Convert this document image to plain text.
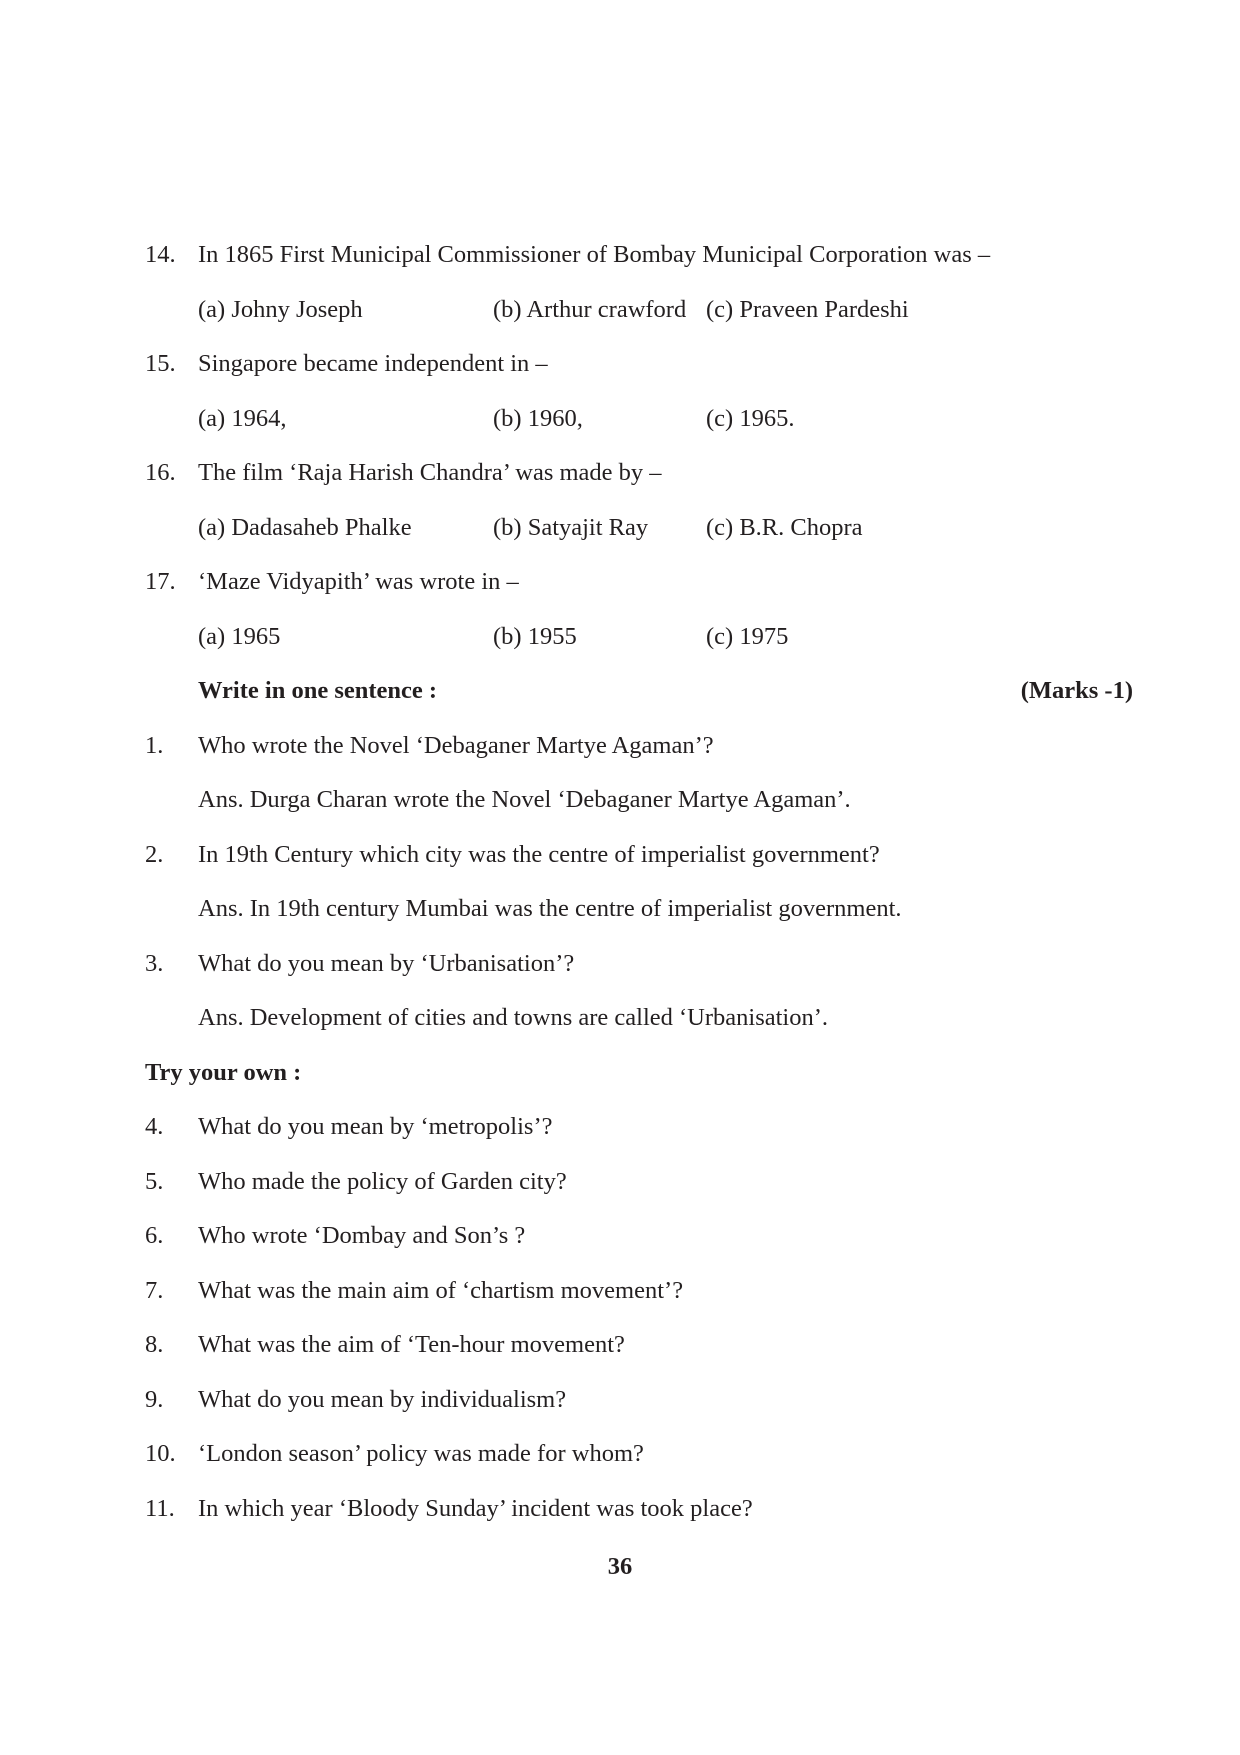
14. In 1865 First Municipal Commissioner of Bombay Municipal Corporation was –
(a) Johny Joseph	(b) Arthur crawford (c) Praveen Pardeshi
15. Singapore became independent in –
(a) 1964,	(b) 1960,	(c) 1965.
16. The film ‘Raja Harish Chandra’ was made by –
(a) Dadasaheb Phalke	(b) Satyajit Ray (c) B.R. Chopra
17. ‘Maze Vidyapith’ was wrote in –
(a) 1965	(b) 1955	(c) 1975
Write in one sentence :	(Marks -1)
1. Who wrote the Novel ‘Debaganer Martye Agaman’?
Ans. Durga Charan wrote the Novel ‘Debaganer Martye Agaman’.
2. In 19th Century which city was the centre of imperialist government?
Ans. In 19th century Mumbai was the centre of imperialist government.
3. What do you mean by ‘Urbanisation’?
Ans. Development of cities and towns are called ‘Urbanisation’.
Try your own :
4. What do you mean by ‘metropolis’?
5. Who made the policy of Garden city?
6. Who wrote ‘Dombay and Son’s ?
7. What was the main aim of ‘chartism movement’?
8. What was the aim of ‘Ten-hour movement?
9. What do you mean by individualism?
10. ‘London season’ policy was made for whom?
11. In which year ‘Bloody Sunday’ incident was took place?
36
